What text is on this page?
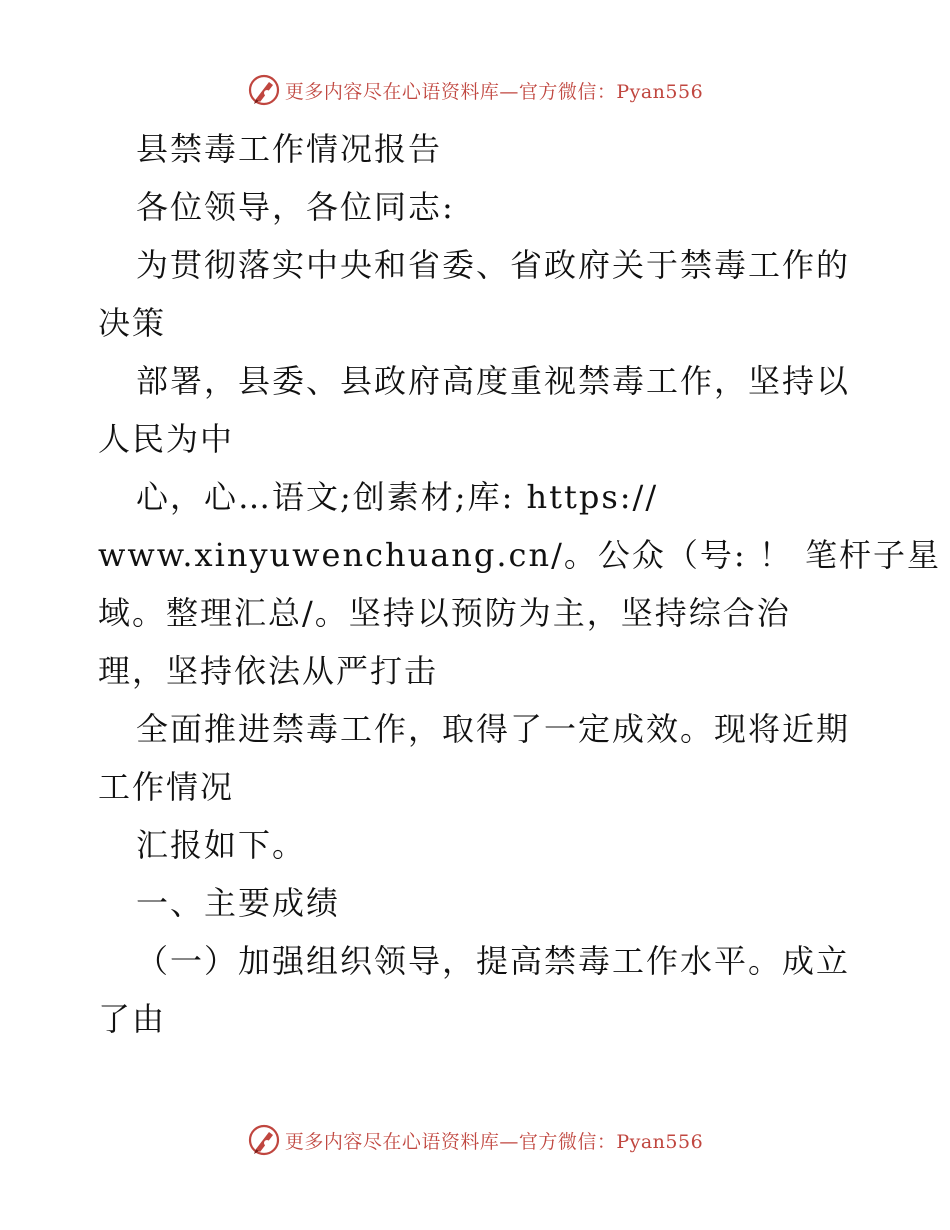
更多内容尽在心语资料库—官方微信：Pyan556

县禁毒工作情况报告

各位领导，各位同志:

为贯彻落实中央和省委、省政府关于禁毒工作的

决策

部署，县委、县政府高度重视禁毒工作，坚持以

人民为中

心，心…语文;创素材;库: https://

www.xinyuwenchuang.cn/。公众（号: ！ 笔杆子星

域。整理汇总/。坚持以预防为主，坚持综合治

理，坚持依法从严打击

全面推进禁毒工作，取得了一定成效。现将近期

工作情况

汇报如下。

一、主要成绩

（一）加强组织领导，提高禁毒工作水平。成立

了由

更多内容尽在心语资料库—官方微信：Pyan556
